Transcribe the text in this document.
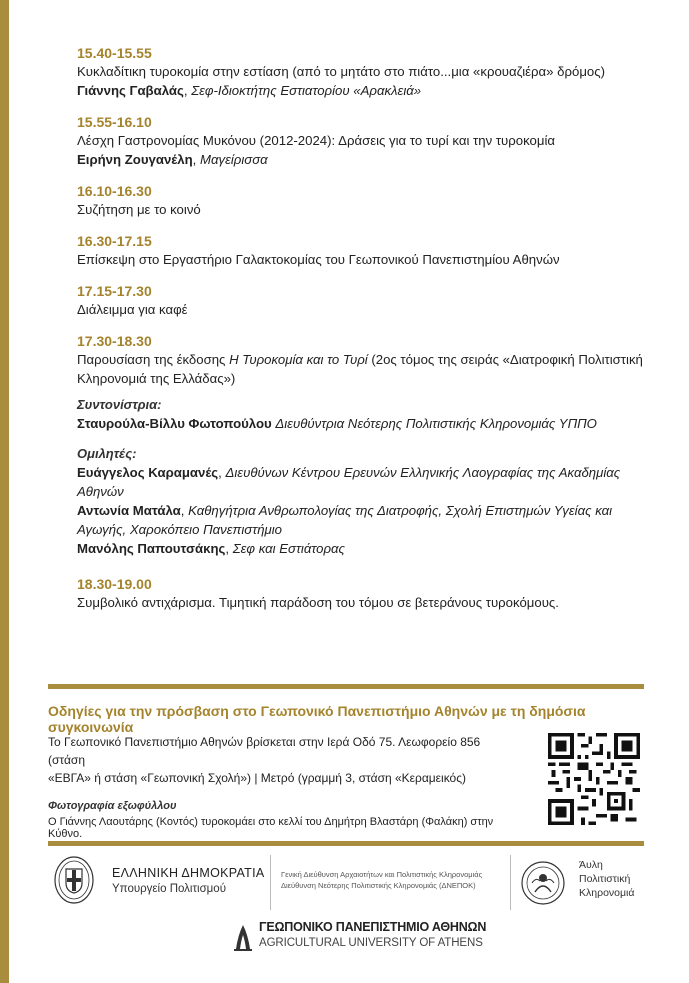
15.40-15.55
Κυκλαδίτικη τυροκομία στην εστίαση (από το μητάτο στο πιάτο...μια «κρουαζιέρα» δρόμος)
Γιάννης Γαβαλάς, Σεφ-Ιδιοκτήτης Εστιατορίου «Αρακλειά»
15.55-16.10
Λέσχη Γαστρονομίας Μυκόνου (2012-2024): Δράσεις για το τυρί και την τυροκομία
Ειρήνη Ζουγανέλη, Μαγείρισσα
16.10-16.30
Συζήτηση με το κοινό
16.30-17.15
Επίσκεψη στο Εργαστήριο Γαλακτοκομίας του Γεωπονικού Πανεπιστημίου Αθηνών
17.15-17.30
Διάλειμμα για καφέ
17.30-18.30
Παρουσίαση της έκδοσης Η Τυροκομία και το Τυρί (2ος τόμος της σειράς «Διατροφική Πολιτιστική Κληρονομιά της Ελλάδας»)
Συντονίστρια:
Σταυρούλα-Βίλλυ Φωτοπούλου Διευθύντρια Νεότερης Πολιτιστικής Κληρονομιάς ΥΠΠΟ
Ομιλητές:
Ευάγγελος Καραμανές, Διευθύνων Κέντρου Ερευνών Ελληνικής Λαογραφίας της Ακαδημίας Αθηνών
Αντωνία Ματάλα, Καθηγήτρια Ανθρωπολογίας της Διατροφής, Σχολή Επιστημών Υγείας και Αγωγής, Χαροκόπειο Πανεπιστήμιο
Μανόλης Παπουτσάκης, Σεφ και Εστιάτορας
18.30-19.00
Συμβολικό αντιχάρισμα. Τιμητική παράδοση του τόμου σε βετεράνους τυροκόμους.
Οδηγίες για την πρόσβαση στο Γεωπονικό Πανεπιστήμιο Αθηνών με τη δημόσια συγκοινωνία
Το Γεωπονικό Πανεπιστήμιο Αθηνών βρίσκεται στην Ιερά Οδό 75. Λεωφορείο 856 (στάση
«ΕΒΓΑ» ή στάση «Γεωπονική Σχολή») | Μετρό (γραμμή 3, στάση «Κεραμεικός)
Φωτογραφία εξωφύλλου
Ο Γιάννης Λαουτάρης (Κοντός) τυροκομάει στο κελλί του Δημήτρη Βλαστάρη (Φαλάκη) στην Κύθνο.
ΕΛΛΗΝΙΚΗ ΔΗΜΟΚΡΑΤΙΑ
Υπουργείο Πολιτισμού
Γενική Διεύθυνση Αρχαιοτήτων και Πολιτιστικής Κληρονομιάς
Διεύθυνση Νεότερης Πολιτιστικής Κληρονομιάς (ΔΝΕΠΟΚ)
Άυλη
Πολιτιστική
Κληρονομιά
ΓΕΩΠΟΝΙΚΟ ΠΑΝΕΠΙΣΤΗΜΙΟ ΑΘΗΝΩΝ
AGRICULTURAL UNIVERSITY OF ATHENS
